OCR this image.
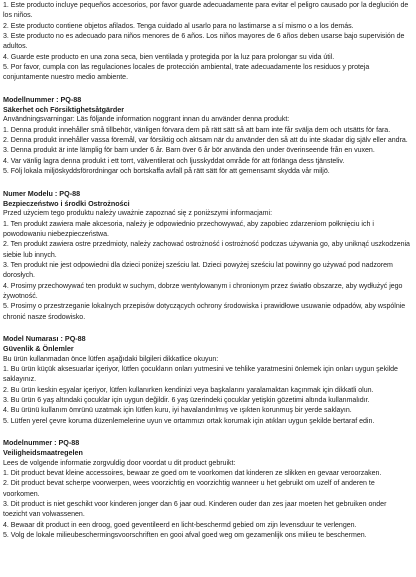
1. Este producto incluye pequeños accesorios, por favor guarde adecuadamente para evitar el peligro causado por la deglución de los niños.

2. Este producto contiene objetos afilados. Tenga cuidado al usarlo para no lastimarse a sí mismo o a los demás.

3. Este producto no es adecuado para niños menores de 6 años. Los niños mayores de 6 años deben usarse bajo supervisión de adultos.

4. Guarde este producto en una zona seca, bien ventilada y protegida por la luz para prolongar su vida útil.

5. Por favor, cumpla con las regulaciones locales de protección ambiental, trate adecuadamente los residuos y proteja conjuntamente nuestro medio ambiente.

Modellnummer : PQ-88

Säkerhet och Försiktighetsåtgärder

Användningsvarningar: Läs följande information noggrant innan du använder denna produkt:

1. Denna produkt innehåller små tillbehör, vänligen förvara dem på rätt sätt så att barn inte får svälja dem och utsätts för fara.

2. Denna produkt innehåller vassa föremål, var försiktig och aktsam när du använder den så att du inte skadar dig själv eller andra.

3. Denna produkt är inte lämplig för barn under 6 år. Barn över 6 år bör använda den under överinseende från en vuxen.

4. Var vänlig lagra denna produkt i ett torrt, välventilerat och ljusskyddat område för att förlänga dess tjänsteliv.

5. Följ lokala miljöskyddsförordningar och bortskaffa avfall på rätt sätt för att gemensamt skydda vår miljö.

Numer Modelu : PQ-88

Bezpieczeństwo i środki Ostrożności

Przed użyciem tego produktu należy uważnie zapoznać się z poniższymi informacjami:

1. Ten produkt zawiera małe akcesoria, należy je odpowiednio przechowywać, aby zapobiec zdarzeniom połknięciu ich i powodowaniu niebezpieczeństwa.

2. Ten produkt zawiera ostre przedmioty, należy zachować ostrożność i ostrożność podczas używania go, aby uniknąć uszkodzenia siebie lub innych.

3. Ten produkt nie jest odpowiedni dla dzieci poniżej sześciu lat. Dzieci powyżej sześciu lat powinny go używać pod nadzorem dorosłych.

4. Prosimy przechowywać ten produkt w suchym, dobrze wentylowanym i chronionym przez światło obszarze, aby wydłużyć jego żywotność.

5. Prosimy o przestrzeganie lokalnych przepisów dotyczących ochrony środowiska i prawidłowe usuwanie odpadów, aby wspólnie chronić nasze środowisko.

Model Numarası : PQ-88

Güvenlik & Önlemler

Bu ürün kullanmadan önce lütfen aşağıdaki bilgileri dikkatlice okuyun:

1. Bu ürün küçük aksesuarlar içeriyor, lütfen çocukların onları yutmesini ve tehlike yaratmesini önlemek için onları uygun şekilde saklayınız.

2. Bu ürün keskin eşyalar içeriyor, lütfen kullanırken kendinizi veya başkalarını yaralamaktan kaçınmak için dikkatli olun.

3. Bu ürün 6 yaş altındaki çocuklar için uygun değildir. 6 yaş üzerindeki çocuklar yetişkin gözetimi altında kullanmalıdır.

4. Bu ürünü kullanım ömrünü uzatmak için lütfen kuru, iyi havalandırılmış ve ışıkten korunmuş bir yerde saklayın.

5. Lütfen yerel çevre koruma düzenlemelerine uyun ve ortammızı ortak korumak için atıkları uygun şekilde bertaraf edin.

Modelnummer : PQ-88

Veiligheidsmaatregelen

Lees de volgende informatie zorgvuldig door voordat u dit product gebruikt:

1. Dit product bevat kleine accessoires, bewaar ze goed om te voorkomen dat kinderen ze slikken en gevaar veroorzaken.

2. Dit product bevat scherpe voorwerpen, wees voorzichtig en voorzichtig wanneer u het gebruikt om uzelf of anderen te voorkomen.

3. Dit product is niet geschikt voor kinderen jonger dan 6 jaar oud. Kinderen ouder dan zes jaar moeten het gebruiken onder toezicht van volwassenen.

4. Bewaar dit product in een droog, goed geventileerd en licht-beschermd gebied om zijn levensduur te verlengen.

5. Volg de lokale milieubeschermingsvoorschriften en gooi afval goed weg om gezamenlijk ons milieu te beschermen.
